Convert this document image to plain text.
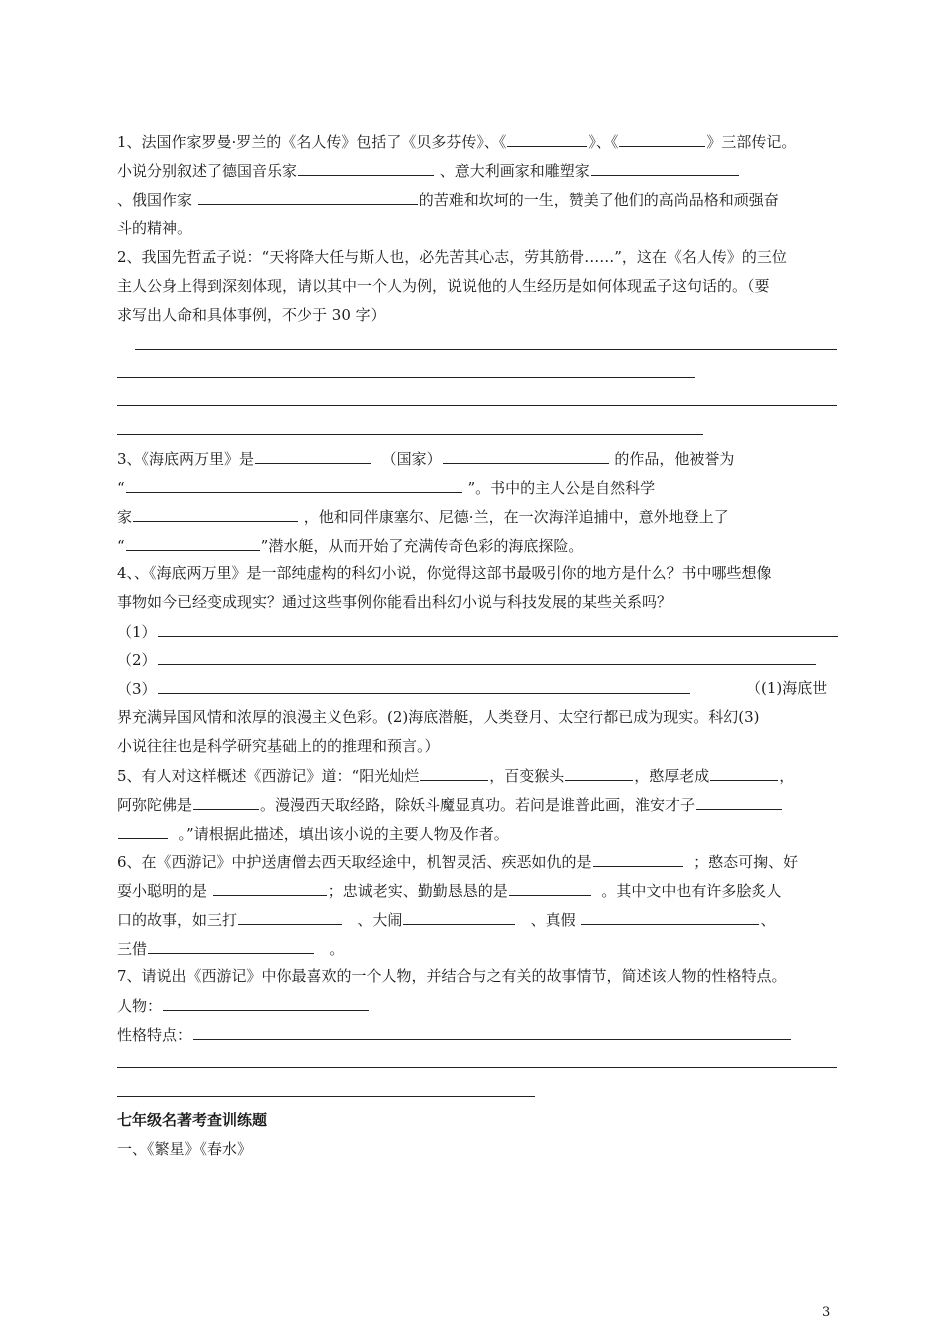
1、法国作家罗曼·罗兰的《名人传》包括了《贝多芬传》、《	》、《	》三部传记。
小说分别叙述了德国音乐家	、意大利画家和雕塑家
、俄国作家	的苦难和坎坷的一生，赞美了他们的高尚品格和顽强奋
斗的精神。
2、我国先哲孟子说：“天将降大任与斯人也，必先苦其心志，劳其筋骨……”，这在《名人传》的三位
主人公身上得到深刻体现，请以其中一个人为例，说说他的人生经历是如何体现孟子这句话的。（要
求写出人命和具体事例，不少于 30 字）
3、《海底两万里》是	（国家）	的作品，他被誉为
“	”。书中的主人公是自然科学
家	，他和同伴康塞尔、尼德·兰，在一次海洋追捕中，意外地登上了
“	”潜水艇，从而开始了充满传奇色彩的海底探险。
4、、《海底两万里》是一部纯虚构的科幻小说，你觉得这部书最吸引你的地方是什么？书中哪些想像
事物如今已经变成现实？通过这些事例你能看出科幻小说与科技发展的某些关系吗？
（1）
（2）
（3）	（(1)海底世
界充满异国风情和浓厚的浪漫主义色彩。(2)海底潜艇，人类登月、太空行都已成为现实。科幻(3)
小说往往也是科学研究基础上的的推理和预言。）
5、有人对这样概述《西游记》道：“阳光灿烂	，百变猴头	，憨厚老成	，
阿弥陀佛是	。漫漫西天取经路，除妖斗魔显真功。若问是谁普此画，淮安才子
。”请根据此描述，填出该小说的主要人物及作者。
6、在《西游记》中护送唐僧去西天取经途中，机智灵活、疾恶如仇的是	；憨态可掬、好
耍小聪明的是	；忠诚老实、勤勤恳恳的是	。其中文中也有许多脍炙人
口的故事，如三打	、大闹	、真假	、
三借	。
7、请说出《西游记》中你最喜欢的一个人物，并结合与之有关的故事情节，简述该人物的性格特点。
人物：
性格特点：
七年级名著考查训练题
一、《繁星》《春水》
3
